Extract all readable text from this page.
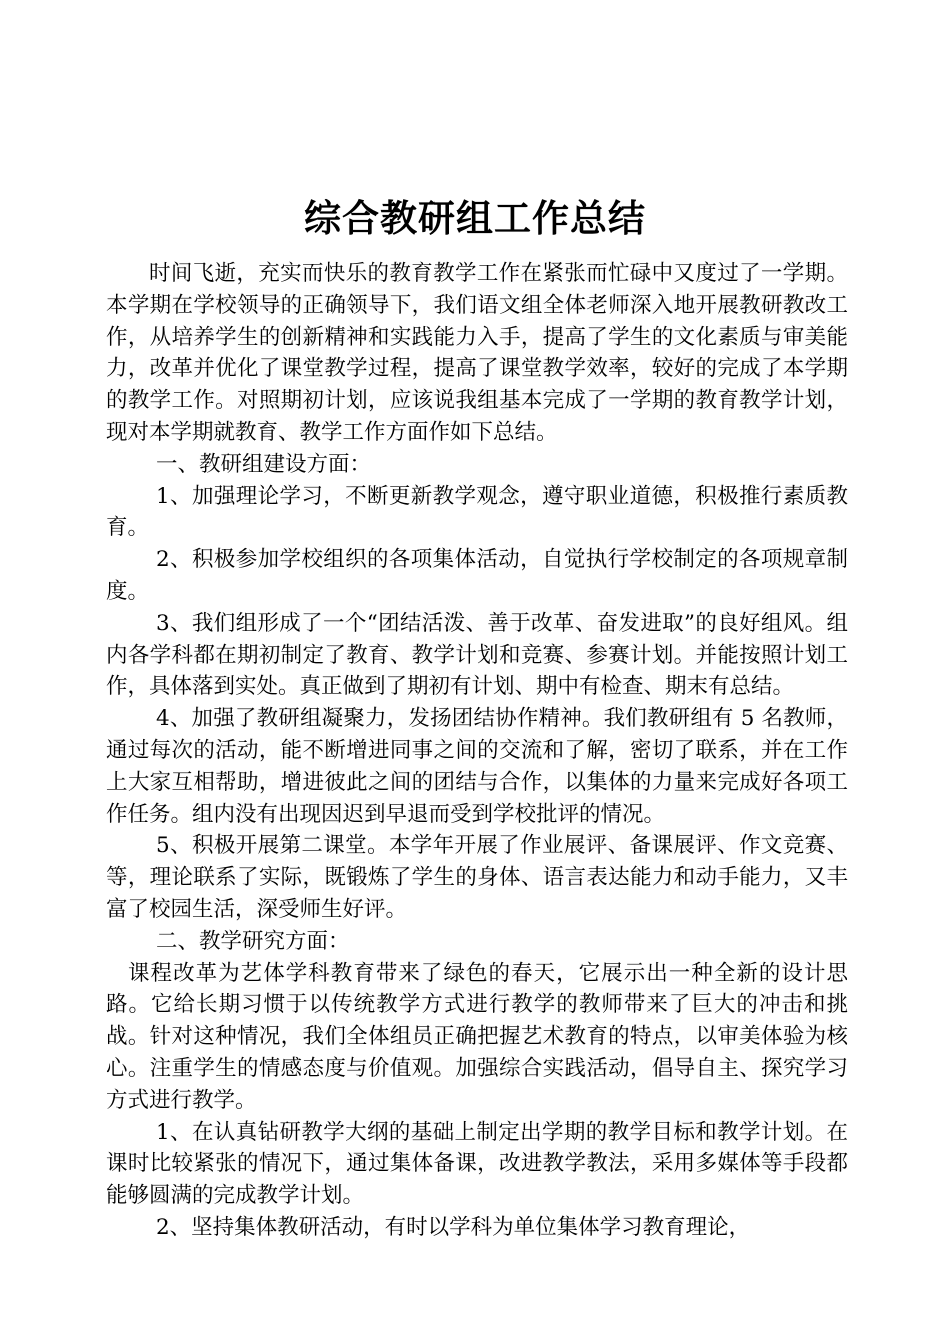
综合教研组工作总结

时间飞逝，充实而快乐的教育教学工作在紧张而忙碌中又度过了一学期。本学期在学校领导的正确领导下，我们语文组全体老师深入地开展教研教改工作，从培养学生的创新精神和实践能力入手，提高了学生的文化素质与审美能力，改革并优化了课堂教学过程，提高了课堂教学效率，较好的完成了本学期的教学工作。对照期初计划，应该说我组基本完成了一学期的教育教学计划，现对本学期就教育、教学工作方面作如下总结。

一、教研组建设方面：

1、加强理论学习，不断更新教学观念，遵守职业道德，积极推行素质教育。

2、积极参加学校组织的各项集体活动，自觉执行学校制定的各项规章制度。

3、我们组形成了一个“团结活泼、善于改革、奋发进取”的良好组风。组内各学科都在期初制定了教育、教学计划和竞赛、参赛计划。并能按照计划工作，具体落到实处。真正做到了期初有计划、期中有检查、期末有总结。

4、加强了教研组凝聚力，发扬团结协作精神。我们教研组有 5 名教师，通过每次的活动，能不断增进同事之间的交流和了解，密切了联系，并在工作上大家互相帮助，增进彼此之间的团结与合作，以集体的力量来完成好各项工作任务。组内没有出现因迟到早退而受到学校批评的情况。

5、积极开展第二课堂。本学年开展了作业展评、备课展评、作文竞赛、等，理论联系了实际，既锻炼了学生的身体、语言表达能力和动手能力，又丰富了校园生活，深受师生好评。

二、教学研究方面：

课程改革为艺体学科教育带来了绿色的春天，它展示出一种全新的设计思路。它给长期习惯于以传统教学方式进行教学的教师带来了巨大的冲击和挑战。针对这种情况，我们全体组员正确把握艺术教育的特点，以审美体验为核心。注重学生的情感态度与价值观。加强综合实践活动，倡导自主、探究学习方式进行教学。

1、在认真钻研教学大纲的基础上制定出学期的教学目标和教学计划。在课时比较紧张的情况下，通过集体备课，改进教学教法，采用多媒体等手段都能够圆满的完成教学计划。

2、坚持集体教研活动，有时以学科为单位集体学习教育理论，
